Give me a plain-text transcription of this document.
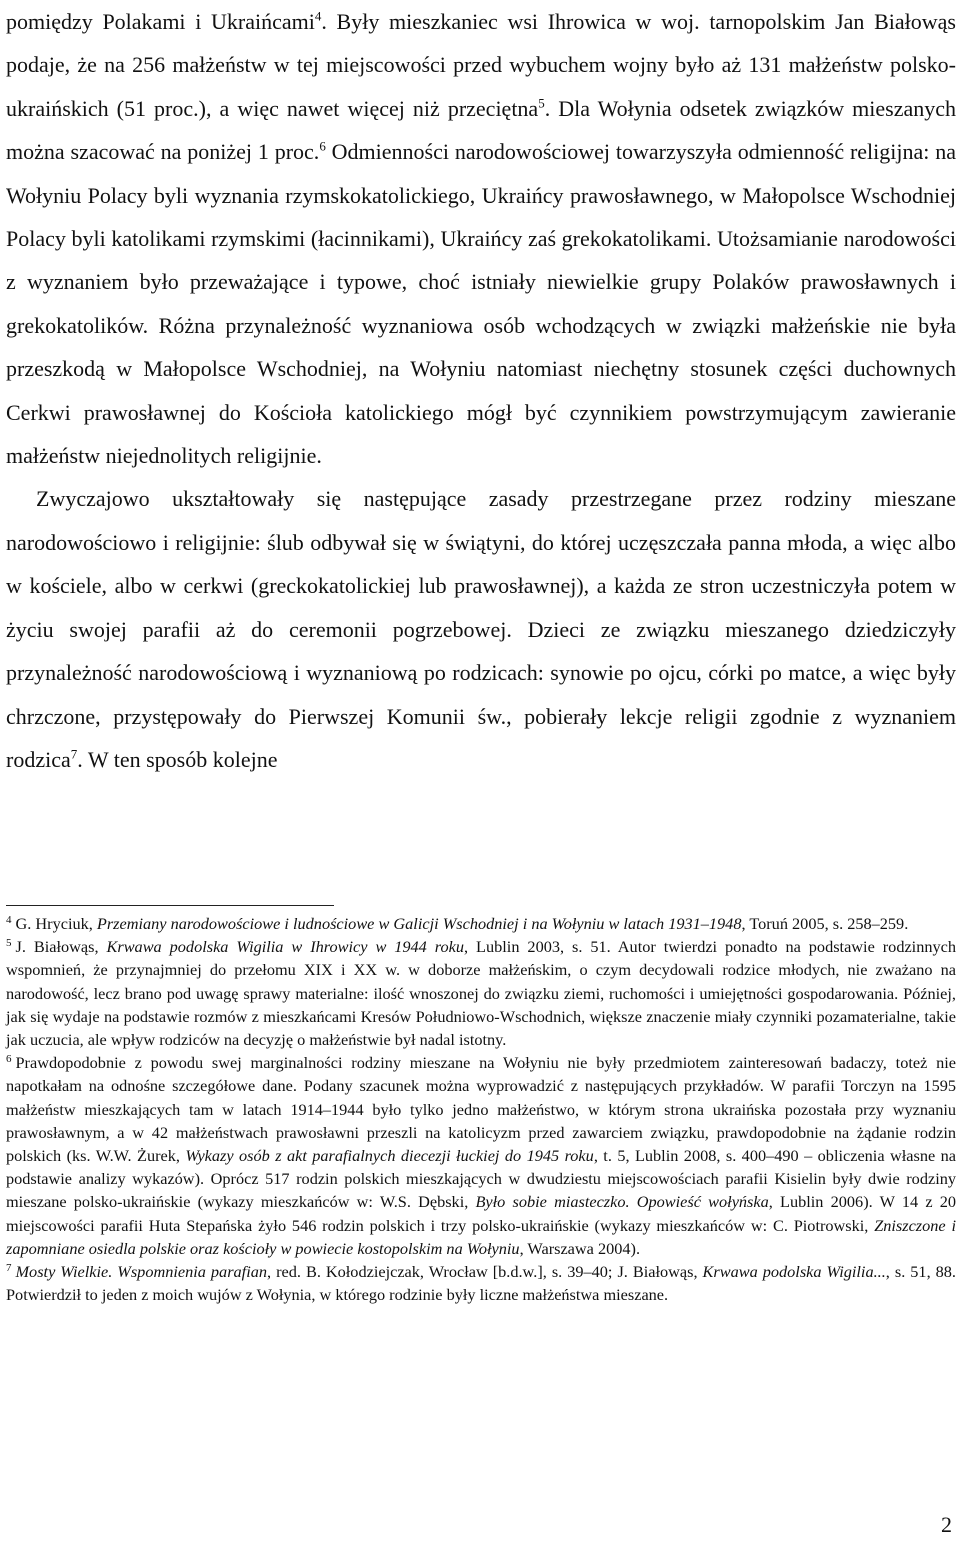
pomiędzy Polakami i Ukraińcami$^4$. Były mieszkaniec wsi Ihrowica w woj. tarnopolskim Jan Białowąs podaje, że na 256 małżeństw w tej miejscowości przed wybuchem wojny było aż 131 małżeństw polsko-ukraińskich (51 proc.), a więc nawet więcej niż przeciętna$^5$. Dla Wołynia odsetek związków mieszanych można szacować na poniżej 1 proc.$^6$ Odmienności narodowościowej towarzyszyła odmienność religijna: na Wołyniu Polacy byli wyznania rzymskokatolickiego, Ukraińcy prawosławnego, w Małopolsce Wschodniej Polacy byli katolikami rzymskimi (łacinnikami), Ukraińcy zaś grekokatolikami. Utożsamianie narodowości z wyznaniem było przeważające i typowe, choć istniały niewielkie grupy Polaków prawosławnych i grekokatolików. Różna przynależność wyznaniowa osób wchodzących w związki małżeńskie nie była przeszkodą w Małopolsce Wschodniej, na Wołyniu natomiast niechętny stosunek części duchownych Cerkwi prawosławnej do Kościoła katolickiego mógł być czynnikiem powstrzymującym zawieranie małżeństw niejednolitych religijnie.

Zwyczajowo ukształtowały się następujące zasady przestrzegane przez rodziny mieszane narodowościowo i religijnie: ślub odbywał się w świątyni, do której uczęszczała panna młoda, a więc albo w kościele, albo w cerkwi (greckokatolickiej lub prawosławnej), a każda ze stron uczestniczyła potem w życiu swojej parafii aż do ceremonii pogrzebowej. Dzieci ze związku mieszanego dziedziczyły przynależność narodowościową i wyznaniową po rodzicach: synowie po ojcu, córki po matce, a więc były chrzczone, przystępowały do Pierwszej Komunii św., pobierały lekcje religii zgodnie z wyznaniem rodzica$^7$. W ten sposób kolejne

$^4$ G. Hryciuk, Przemiany narodowościowe i ludnościowe w Galicji Wschodniej i na Wołyniu w latach 1931–1948, Toruń 2005, s. 258–259.

$^5$ J. Białowąs, Krwawa podolska Wigilia w Ihrowicy w 1944 roku, Lublin 2003, s. 51. Autor twierdzi ponadto na podstawie rodzinnych wspomnień, że przynajmniej do przełomu XIX i XX w. w doborze małżeńskim, o czym decydowali rodzice młodych, nie zważano na narodowość, lecz brano pod uwagę sprawy materialne: ilość wnoszonej do związku ziemi, ruchomości i umiejętności gospodarowania. Później, jak się wydaje na podstawie rozmów z mieszkańcami Kresów Południowo-Wschodnich, większe znaczenie miały czynniki pozamaterialne, takie jak uczucia, ale wpływ rodziców na decyzję o małżeństwie był nadal istotny.

$^6$ Prawdopodobnie z powodu swej marginalności rodziny mieszane na Wołyniu nie były przedmiotem zainteresowań badaczy, toteż nie napotkałam na odnośne szczegółowe dane. Podany szacunek można wyprowadzić z następujących przykładów. W parafii Torczyn na 1595 małżeństw mieszkających tam w latach 1914–1944 było tylko jedno małżeństwo, w którym strona ukraińska pozostała przy wyznaniu prawosławnym, a w 42 małżeństwach prawosławni przeszli na katolicyzm przed zawarciem związku, prawdopodobnie na żądanie rodzin polskich (ks. W.W. Żurek, Wykazy osób z akt parafialnych diecezji łuckiej do 1945 roku, t. 5, Lublin 2008, s. 400–490 – obliczenia własne na podstawie analizy wykazów). Oprócz 517 rodzin polskich mieszkających w dwudziestu miejscowościach parafii Kisielin były dwie rodziny mieszane polsko-ukraińskie (wykazy mieszkańców w: W.S. Dębski, Było sobie miasteczko. Opowieść wołyńska, Lublin 2006). W 14 z 20 miejscowości parafii Huta Stepańska żyło 546 rodzin polskich i trzy polsko-ukraińskie (wykazy mieszkańców w: C. Piotrowski, Zniszczone i zapomniane osiedla polskie oraz kościoły w powiecie kostopolskim na Wołyniu, Warszawa 2004).

$^7$ Mosty Wielkie. Wspomnienia parafian, red. B. Kołodziejczak, Wrocław [b.d.w.], s. 39–40; J. Białowąs, Krwawa podolska Wigilia..., s. 51, 88. Potwierdził to jeden z moich wujów z Wołynia, w którego rodzinie były liczne małżeństwa mieszane.

2
